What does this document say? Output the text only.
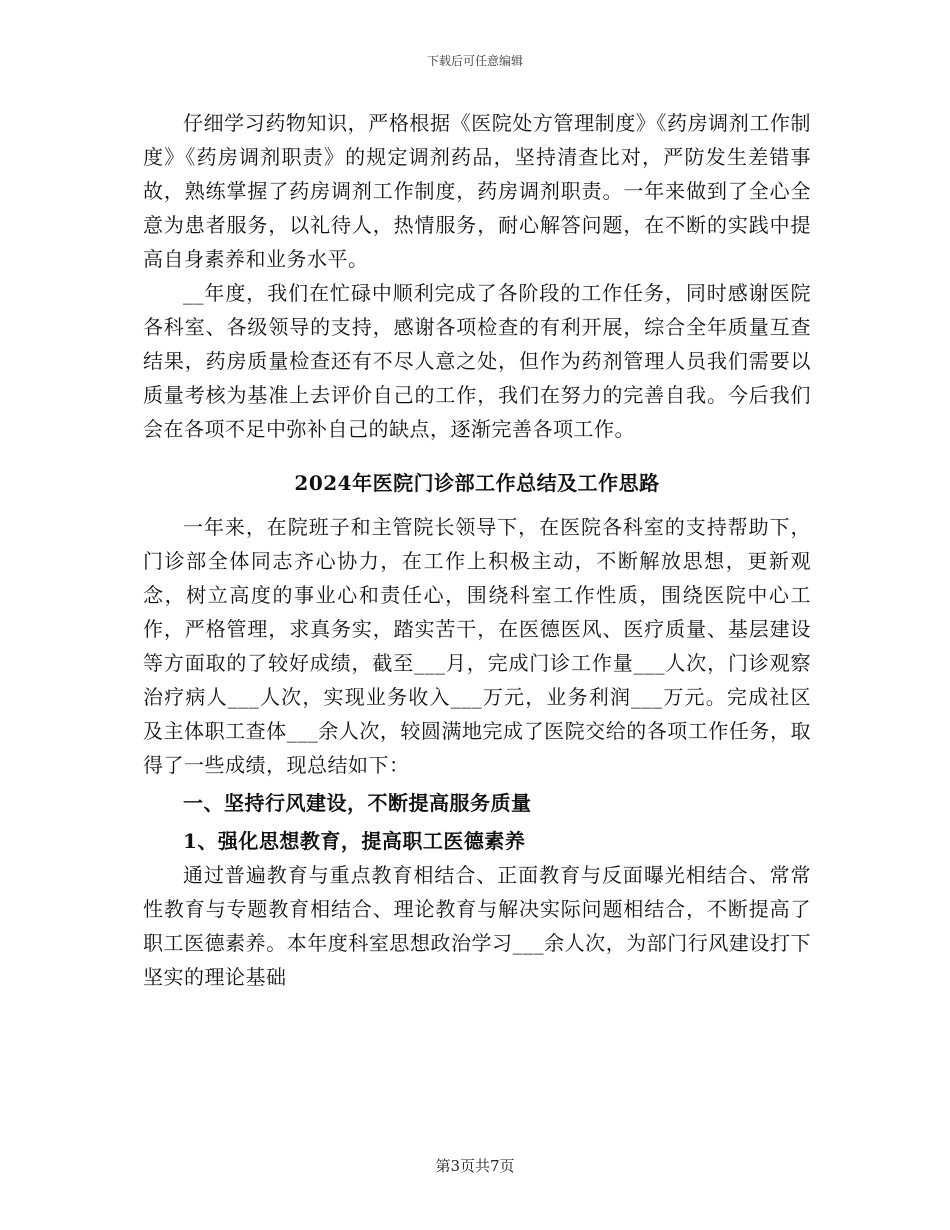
下载后可任意编辑

仔细学习药物知识，严格根据《医院处方管理制度》《药房调剂工作制度》《药房调剂职责》的规定调剂药品，坚持清查比对，严防发生差错事故，熟练掌握了药房调剂工作制度，药房调剂职责。一年来做到了全心全意为患者服务，以礼待人，热情服务，耐心解答问题，在不断的实践中提高自身素养和业务水平。

__年度，我们在忙碌中顺利完成了各阶段的工作任务，同时感谢医院各科室、各级领导的支持，感谢各项检查的有利开展，综合全年质量互查结果，药房质量检查还有不尽人意之处，但作为药剂管理人员我们需要以质量考核为基准上去评价自己的工作，我们在努力的完善自我。今后我们会在各项不足中弥补自己的缺点，逐渐完善各项工作。

2024年医院门诊部工作总结及工作思路

一年来，在院班子和主管院长领导下，在医院各科室的支持帮助下，门诊部全体同志齐心协力，在工作上积极主动，不断解放思想，更新观念，树立高度的事业心和责任心，围绕科室工作性质，围绕医院中心工作，严格管理，求真务实，踏实苦干，在医德医风、医疗质量、基层建设等方面取的了较好成绩，截至___月，完成门诊工作量___人次，门诊观察治疗病人___人次，实现业务收入___万元，业务利润___万元。完成社区及主体职工查体___余人次，较圆满地完成了医院交给的各项工作任务，取得了一些成绩，现总结如下：

一、坚持行风建设，不断提高服务质量
1、强化思想教育，提高职工医德素养

通过普遍教育与重点教育相结合、正面教育与反面曝光相结合、常常性教育与专题教育相结合、理论教育与解决实际问题相结合，不断提高了职工医德素养。本年度科室思想政治学习___余人次，为部门行风建设打下坚实的理论基础

第3页共7页
